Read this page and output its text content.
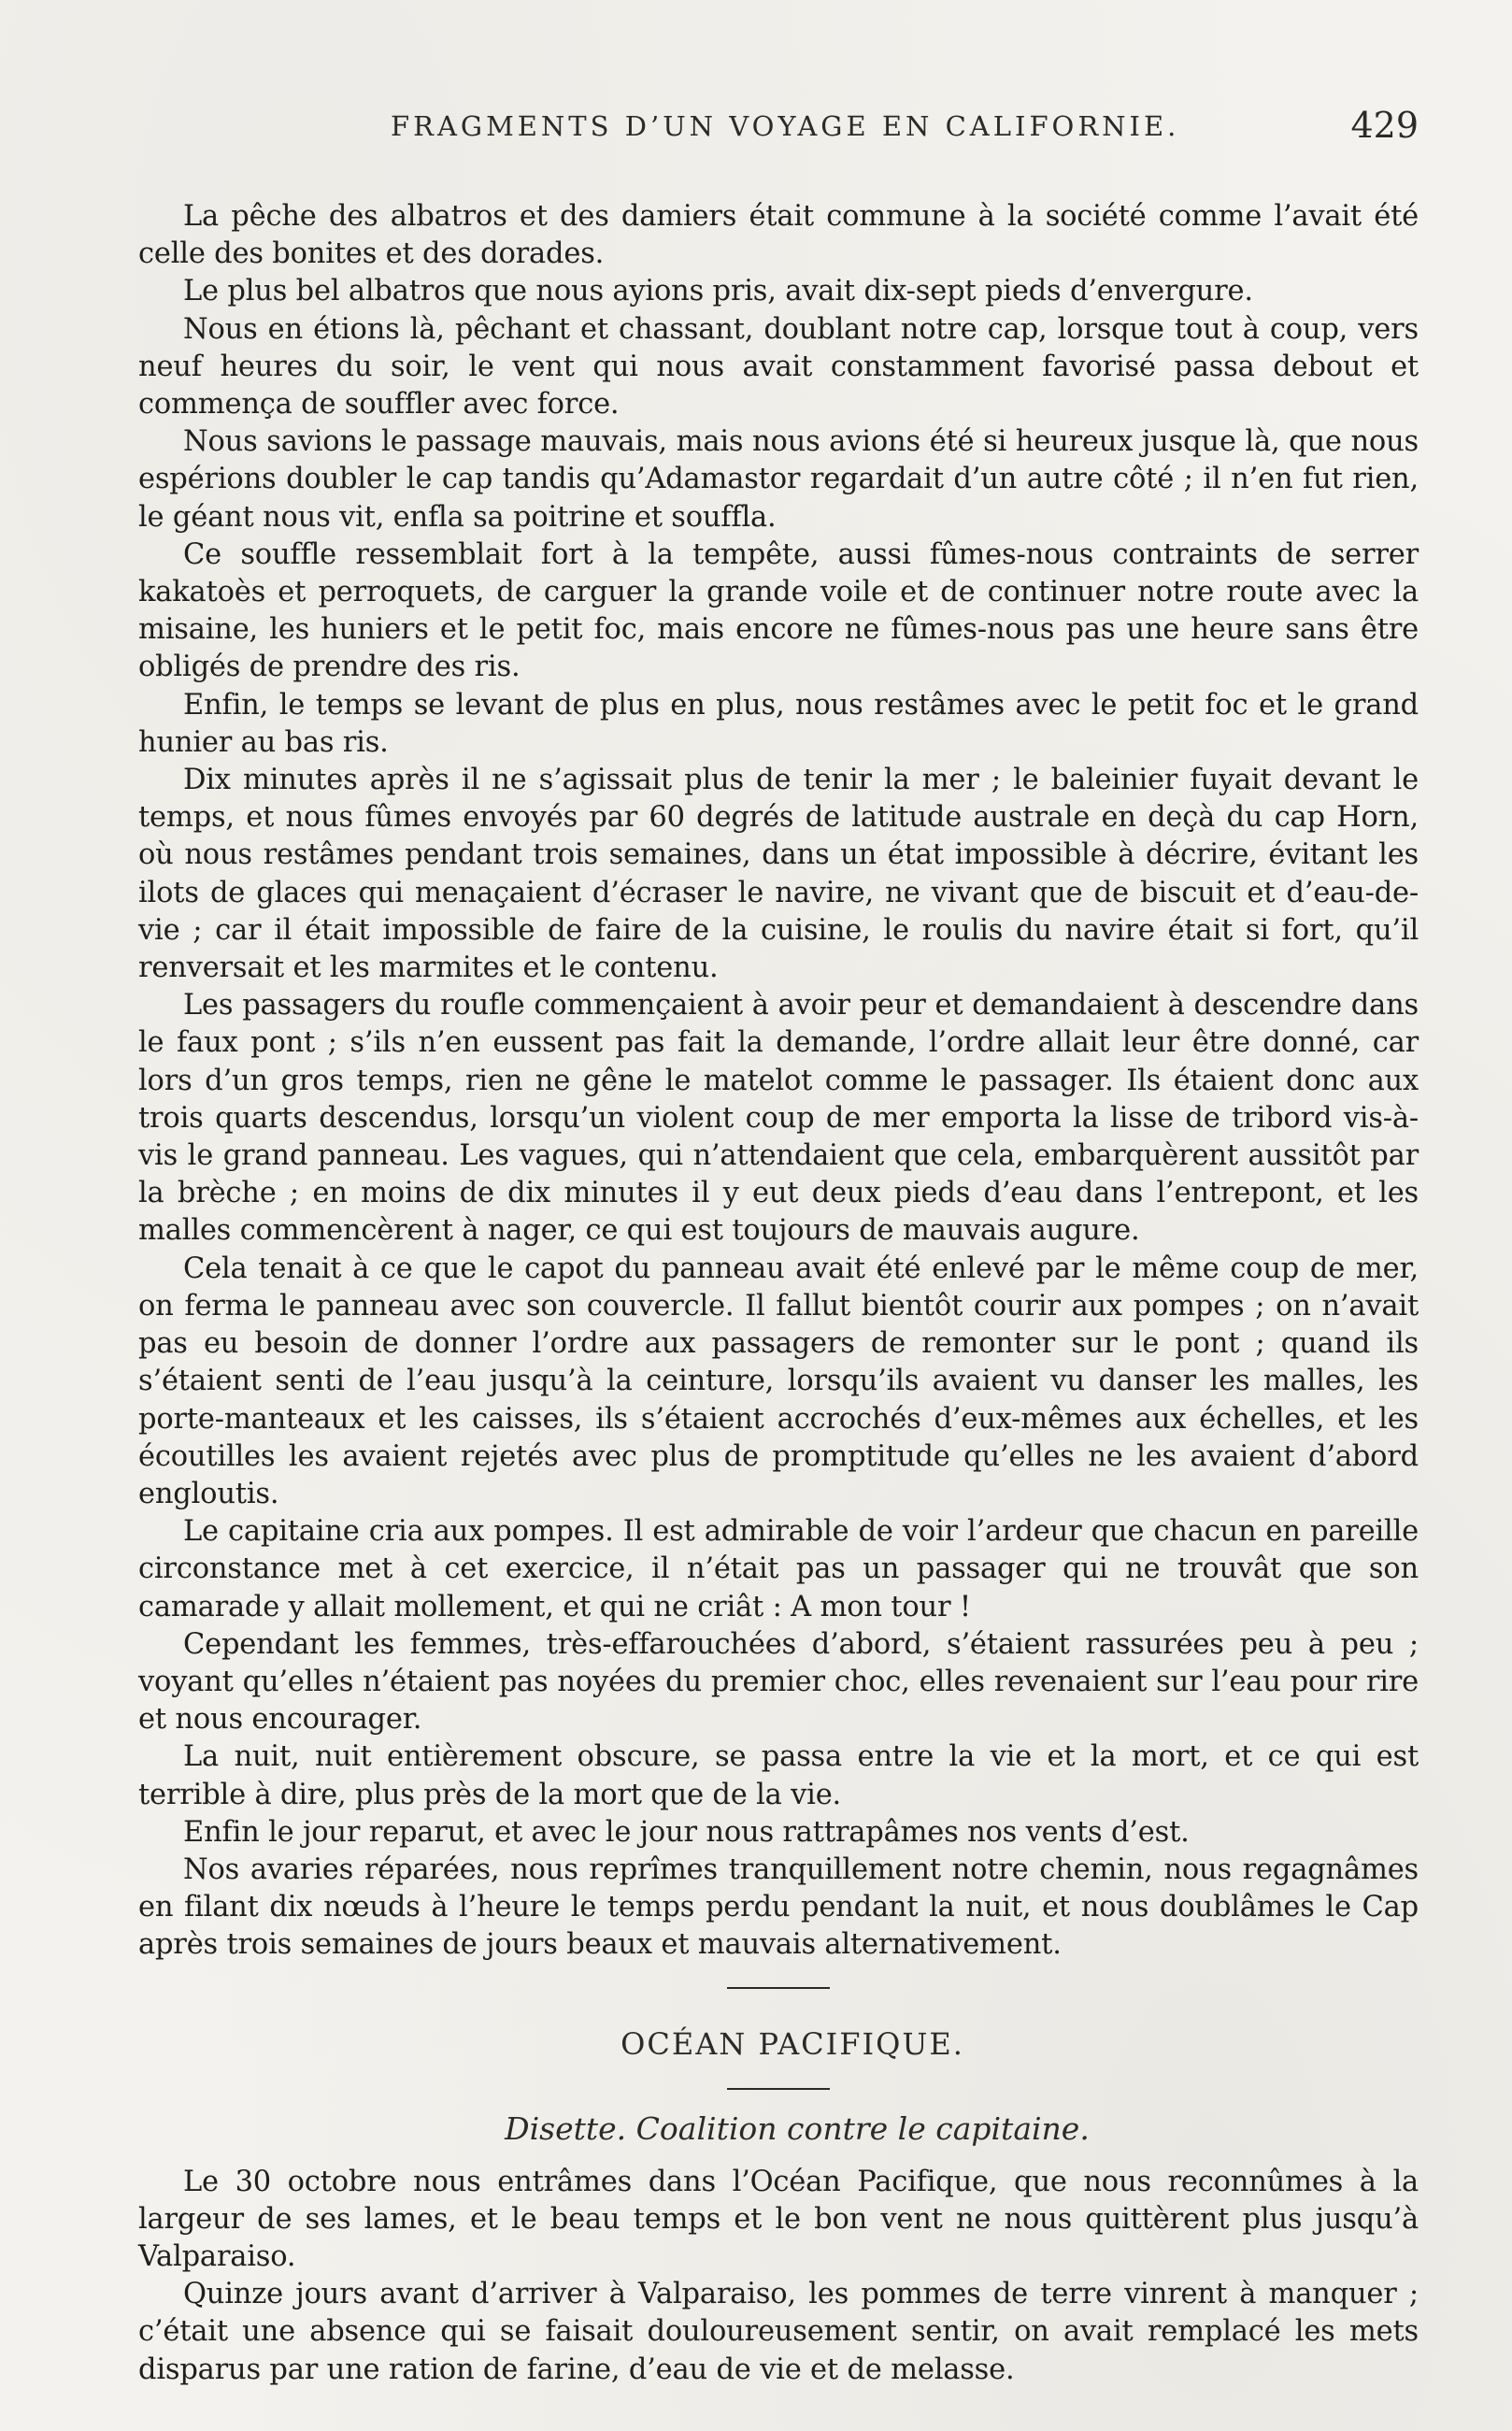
FRAGMENTS D’UN VOYAGE EN CALIFORNIE.	429

La pêche des albatros et des damiers était commune à la société comme l’avait été celle des bonites et des dorades.

Le plus bel albatros que nous ayions pris, avait dix-sept pieds d’envergure.

Nous en étions là, pêchant et chassant, doublant notre cap, lorsque tout à coup, vers neuf heures du soir, le vent qui nous avait constamment favorisé passa debout et commença de souffler avec force.

Nous savions le passage mauvais, mais nous avions été si heureux jusque là, que nous espérions doubler le cap tandis qu’Adamastor regardait d’un autre côté ; il n’en fut rien, le géant nous vit, enfla sa poitrine et souffla.

Ce souffle ressemblait fort à la tempête, aussi fûmes-nous contraints de serrer kakatoès et perroquets, de carguer la grande voile et de continuer notre route avec la misaine, les huniers et le petit foc, mais encore ne fûmes-nous pas une heure sans être obligés de prendre des ris.

Enfin, le temps se levant de plus en plus, nous restâmes avec le petit foc et le grand hunier au bas ris.

Dix minutes après il ne s’agissait plus de tenir la mer ; le baleinier fuyait devant le temps, et nous fûmes envoyés par 60 degrés de latitude australe en deçà du cap Horn, où nous restâmes pendant trois semaines, dans un état impossible à décrire, évitant les ilots de glaces qui menaçaient d’écraser le navire, ne vivant que de biscuit et d’eau-de-vie ; car il était impossible de faire de la cuisine, le roulis du navire était si fort, qu’il renversait et les marmites et le contenu.

Les passagers du roufle commençaient à avoir peur et demandaient à descendre dans le faux pont ; s’ils n’en eussent pas fait la demande, l’ordre allait leur être donné, car lors d’un gros temps, rien ne gêne le matelot comme le passager. Ils étaient donc aux trois quarts descendus, lorsqu’un violent coup de mer emporta la lisse de tribord vis-à-vis le grand panneau. Les vagues, qui n’attendaient que cela, embarquèrent aussitôt par la brèche ; en moins de dix minutes il y eut deux pieds d’eau dans l’entrepont, et les malles commencèrent à nager, ce qui est toujours de mauvais augure.

Cela tenait à ce que le capot du panneau avait été enlevé par le même coup de mer, on ferma le panneau avec son couvercle. Il fallut bientôt courir aux pompes ; on n’avait pas eu besoin de donner l’ordre aux passagers de remonter sur le pont ; quand ils s’étaient senti de l’eau jusqu’à la ceinture, lorsqu’ils avaient vu danser les malles, les porte-manteaux et les caisses, ils s’étaient accrochés d’eux-mêmes aux échelles, et les écoutilles les avaient rejetés avec plus de promptitude qu’elles ne les avaient d’abord engloutis.

Le capitaine cria aux pompes. Il est admirable de voir l’ardeur que chacun en pareille circonstance met à cet exercice, il n’était pas un passager qui ne trouvât que son camarade y allait mollement, et qui ne criât : A mon tour !

Cependant les femmes, très-effarouchées d’abord, s’étaient rassurées peu à peu ; voyant qu’elles n’étaient pas noyées du premier choc, elles revenaient sur l’eau pour rire et nous encourager.

La nuit, nuit entièrement obscure, se passa entre la vie et la mort, et ce qui est terrible à dire, plus près de la mort que de la vie.

Enfin le jour reparut, et avec le jour nous rattrapâmes nos vents d’est.

Nos avaries réparées, nous reprîmes tranquillement notre chemin, nous regagnâmes en filant dix nœuds à l’heure le temps perdu pendant la nuit, et nous doublâmes le Cap après trois semaines de jours beaux et mauvais alternativement.

OCÉAN PACIFIQUE.
Disette. Coalition contre le capitaine.

Le 30 octobre nous entrâmes dans l’Océan Pacifique, que nous reconnûmes à la largeur de ses lames, et le beau temps et le bon vent ne nous quittèrent plus jusqu’à Valparaiso.

Quinze jours avant d’arriver à Valparaiso, les pommes de terre vinrent à manquer ; c’était une absence qui se faisait douloureusement sentir, on avait remplacé les mets disparus par une ration de farine, d’eau de vie et de melasse.
